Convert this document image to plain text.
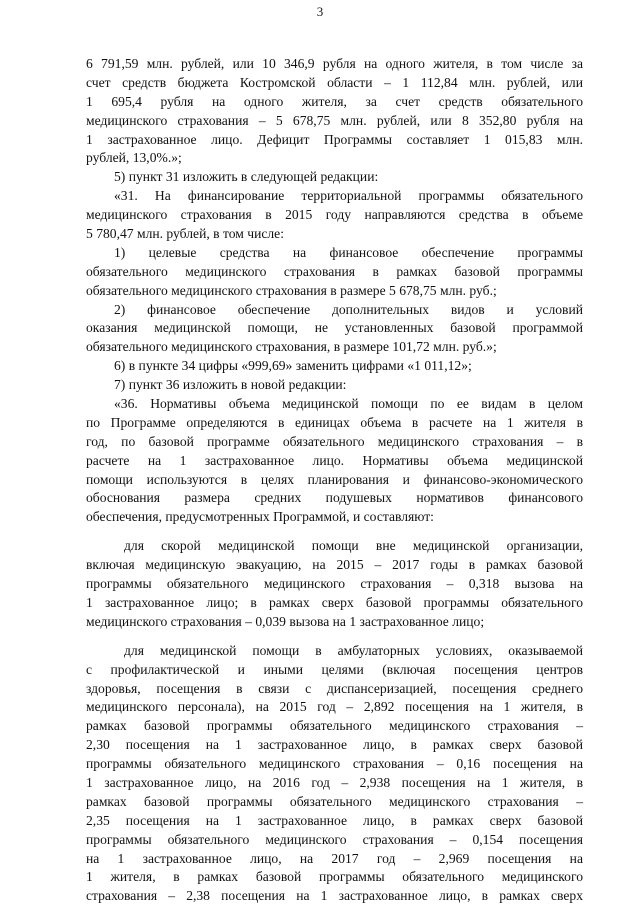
3
6 791,59 млн. рублей, или 10 346,9 рубля на одного жителя, в том числе за
счет средств бюджета Костромской области – 1 112,84 млн. рублей, или
1 695,4 рубля на одного жителя, за счет средств обязательного
медицинского страхования – 5 678,75 млн. рублей, или 8 352,80 рубля на
1 застрахованное лицо. Дефицит Программы составляет 1 015,83 млн.
рублей, 13,0%.»;
5) пункт 31 изложить в следующей редакции:
«31. На финансирование территориальной программы обязательного
медицинского страхования в 2015 году направляются средства в объеме
5 780,47 млн. рублей, в том числе:
1) целевые средства на финансовое обеспечение программы
обязательного медицинского страхования в рамках базовой программы
обязательного медицинского страхования в размере 5 678,75 млн. руб.;
2) финансовое обеспечение дополнительных видов и условий
оказания медицинской помощи, не установленных базовой программой
обязательного медицинского страхования, в размере 101,72 млн. руб.»;
6) в пункте 34 цифры «999,69» заменить цифрами «1 011,12»;
7) пункт 36 изложить в новой редакции:
«36. Нормативы объема медицинской помощи по ее видам в целом
по Программе определяются в единицах объема в расчете на 1 жителя в
год, по базовой программе обязательного медицинского страхования – в
расчете на 1 застрахованное лицо. Нормативы объема медицинской
помощи используются в целях планирования и финансово-экономического
обоснования размера средних подушевых нормативов финансового
обеспечения, предусмотренных Программой, и составляют:
для скорой медицинской помощи вне медицинской организации,
включая медицинскую эвакуацию, на 2015 – 2017 годы в рамках базовой
программы обязательного медицинского страхования – 0,318 вызова на
1 застрахованное лицо; в рамках сверх базовой программы обязательного
медицинского страхования – 0,039 вызова на 1 застрахованное лицо;
для медицинской помощи в амбулаторных условиях, оказываемой
с профилактической и иными целями (включая посещения центров
здоровья, посещения в связи с диспансеризацией, посещения среднего
медицинского персонала), на 2015 год – 2,892 посещения на 1 жителя, в
рамках базовой программы обязательного медицинского страхования –
2,30 посещения на 1 застрахованное лицо, в рамках сверх базовой
программы обязательного медицинского страхования – 0,16 посещения на
1 застрахованное лицо, на 2016 год – 2,938 посещения на 1 жителя, в
рамках базовой программы обязательного медицинского страхования –
2,35 посещения на 1 застрахованное лицо, в рамках сверх базовой
программы обязательного медицинского страхования – 0,154 посещения
на 1 застрахованное лицо, на 2017 год – 2,969 посещения на
1 жителя, в рамках базовой программы обязательного медицинского
страхования – 2,38 посещения на 1 застрахованное лицо, в рамках сверх
